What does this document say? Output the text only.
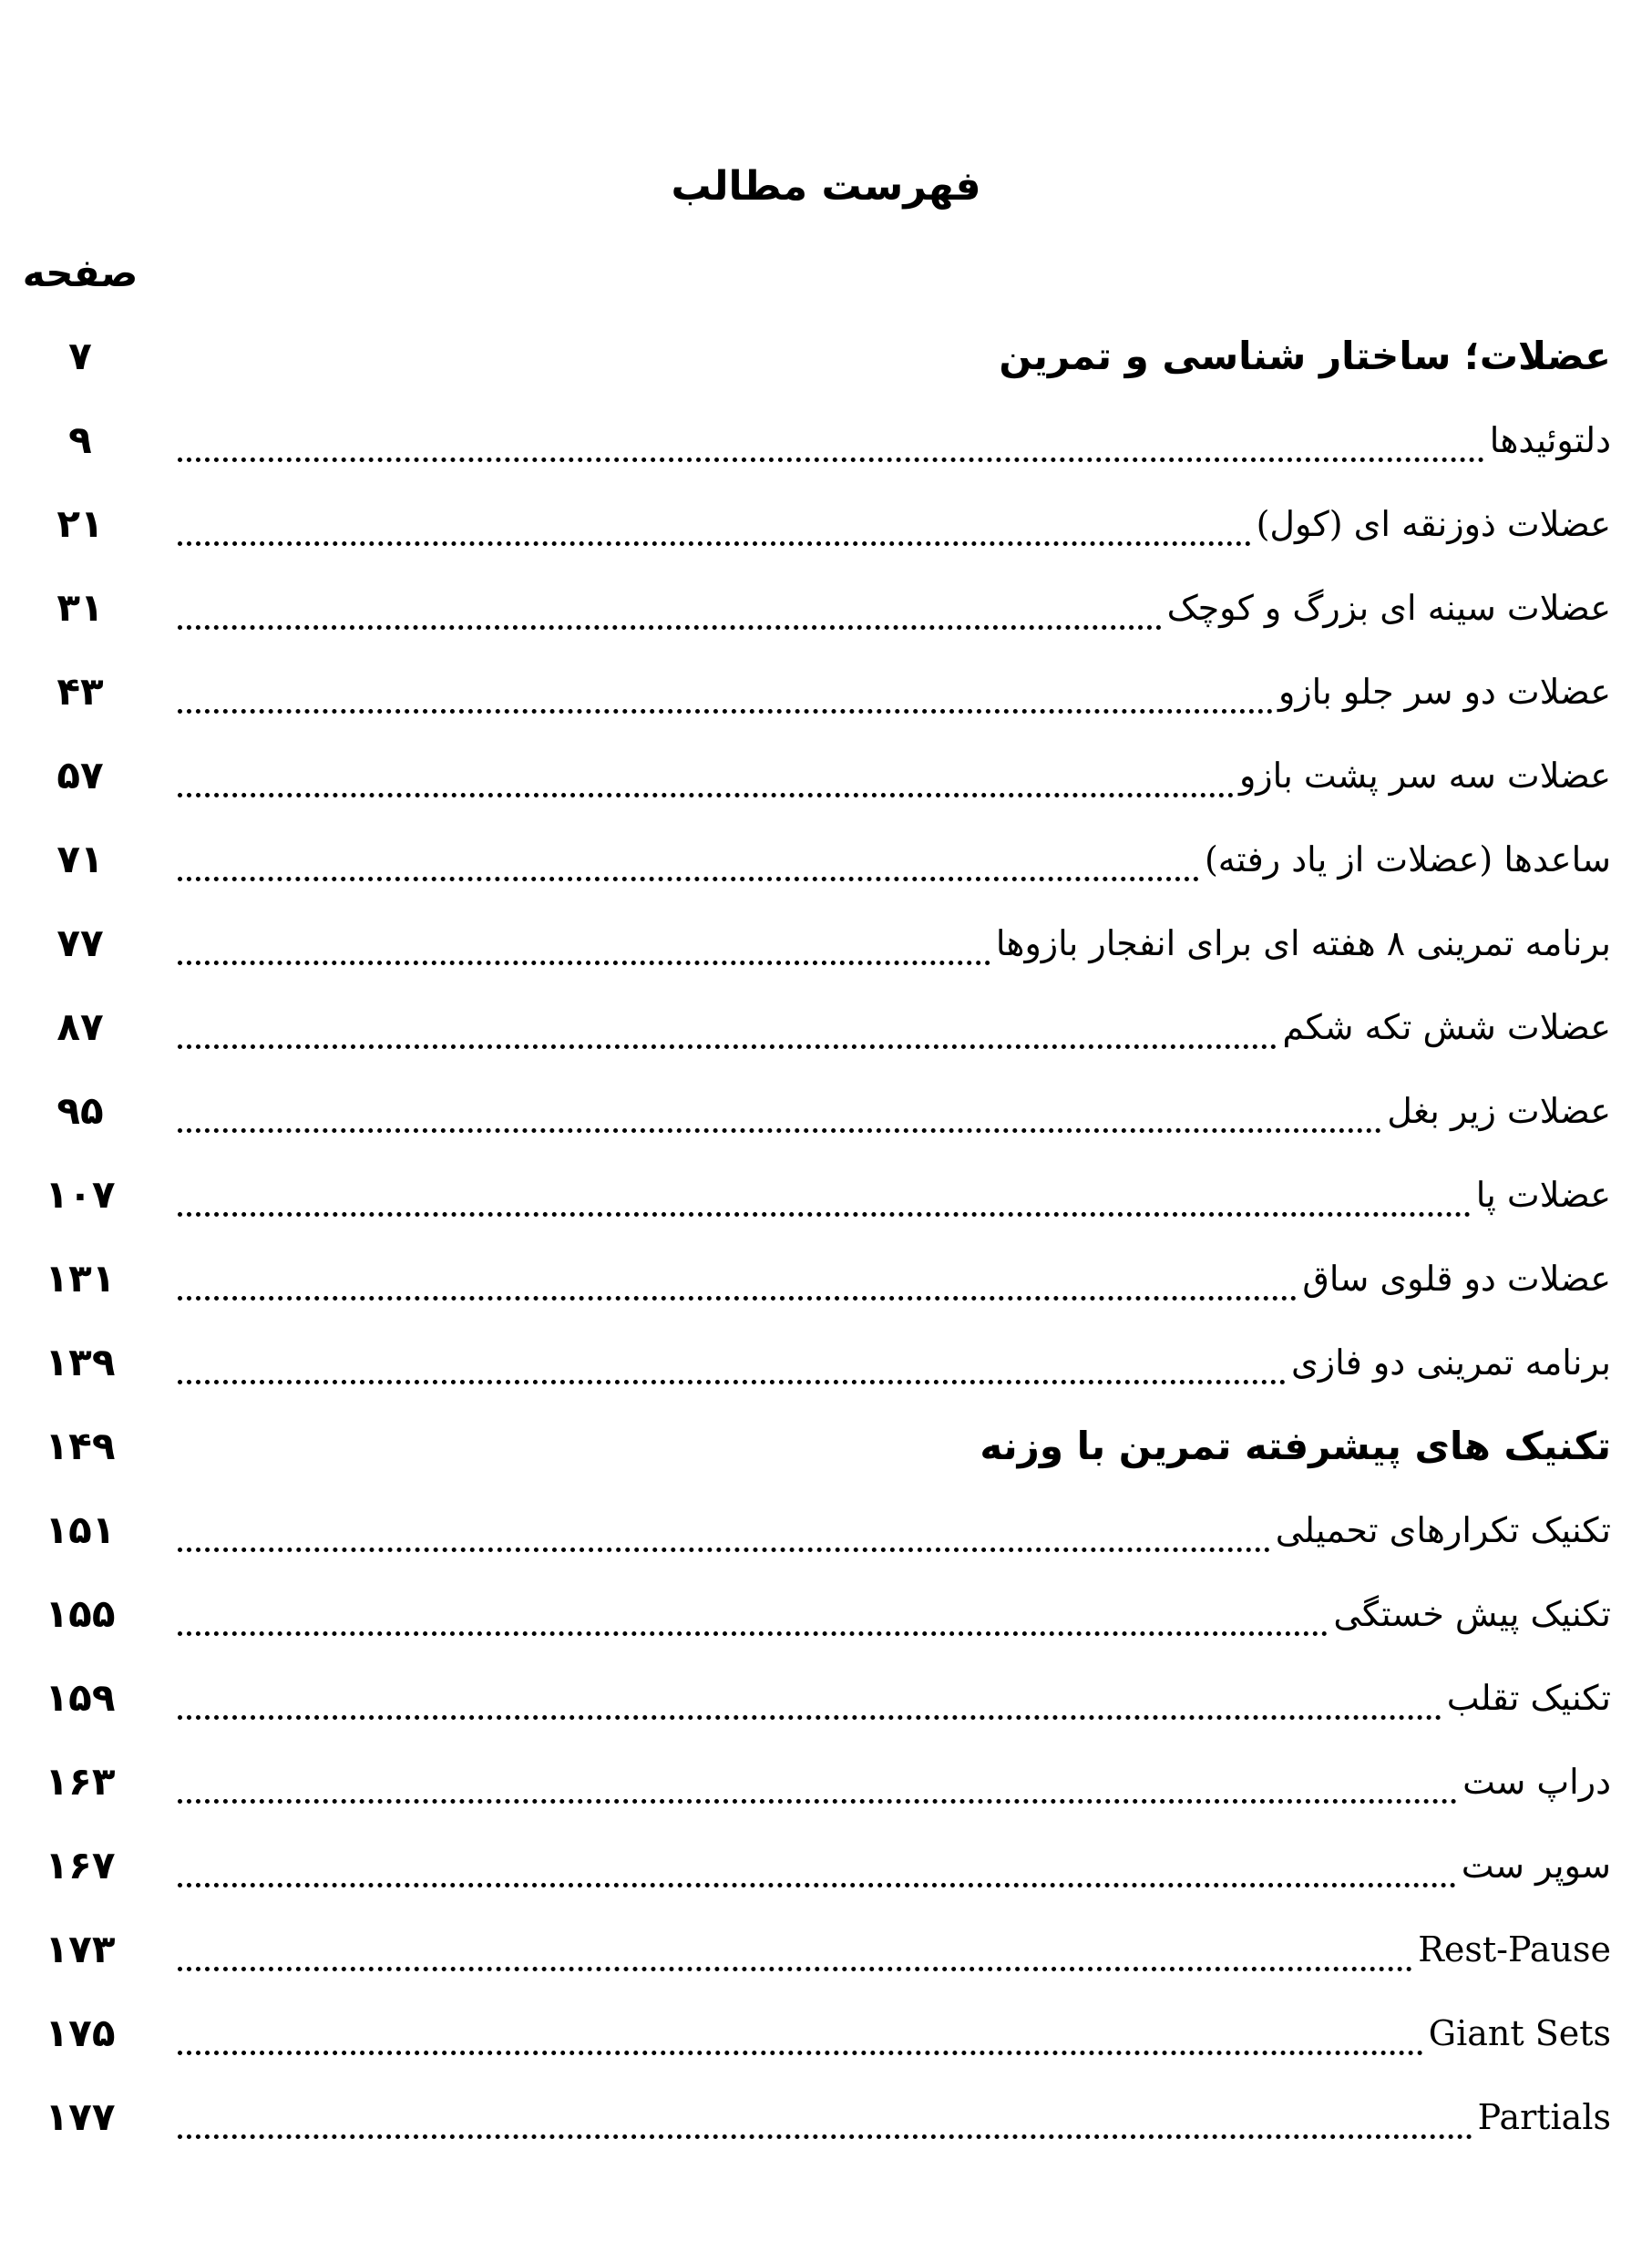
فهرست مطالب
صفحه
۷	عضلات؛ ساختار شناسی و تمرین
۹	دلتوئیدها
۲۱	عضلات ذوزنقه ای (کول)
۳۱	عضلات سینه ای بزرگ و کوچک
۴۳	عضلات دو سر جلو بازو
۵۷	عضلات سه سر پشت بازو
۷۱	ساعدها (عضلات از یاد رفته)
۷۷	برنامه تمرینی ۸ هفته ای برای انفجار بازوها
۸۷	عضلات شش تکه شکم
۹۵	عضلات زیر بغل
۱۰۷	عضلات پا
۱۳۱	عضلات دو قلوی ساق
۱۳۹	برنامه تمرینی دو فازی
۱۴۹	تکنیک های پیشرفته تمرین با وزنه
۱۵۱	تکنیک تکرارهای تحمیلی
۱۵۵	تکنیک پیش خستگی
۱۵۹	تکنیک تقلب
۱۶۳	دراپ ست
۱۶۷	سوپر ست
۱۷۳	Rest-Pause
۱۷۵	Giant Sets
۱۷۷	Partials
